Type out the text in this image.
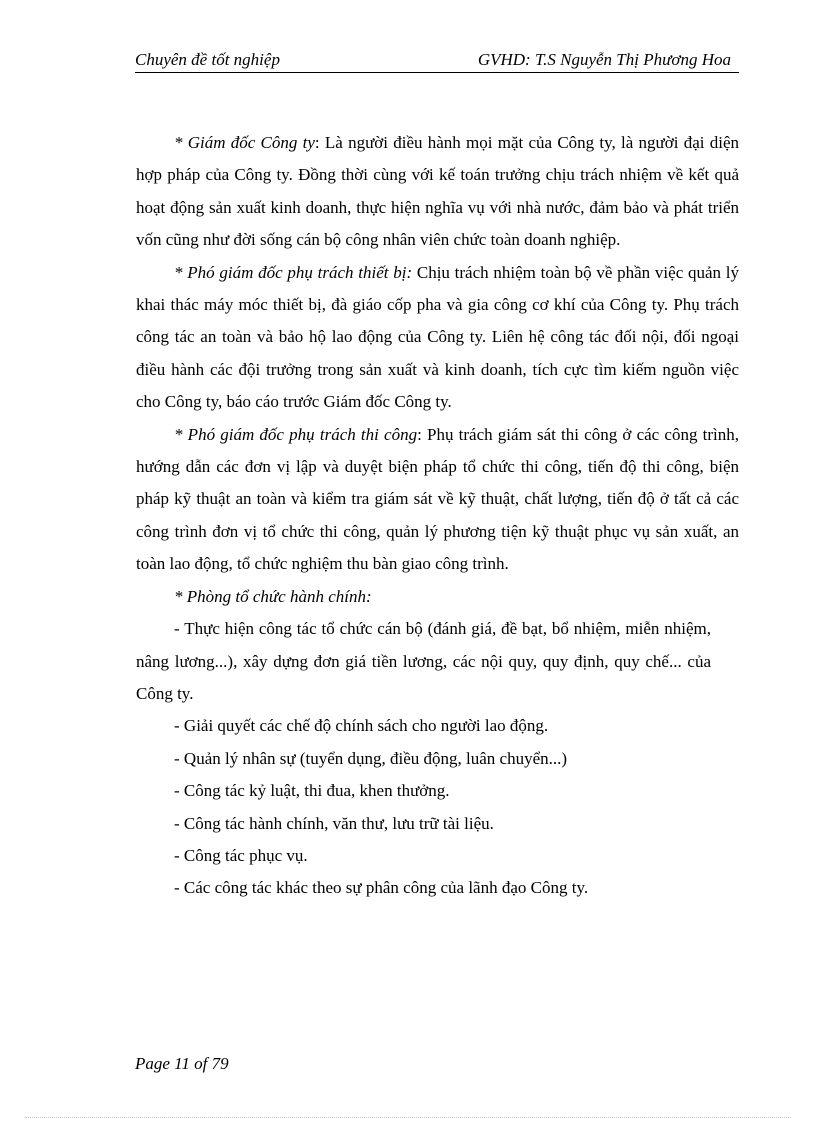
Chuyên đề tốt nghiệp	GVHD: T.S Nguyễn Thị Phương Hoa

* Giám đốc Công ty: Là người điều hành mọi mặt của Công ty, là người đại diện hợp pháp của Công ty. Đồng thời cùng với kế toán trưởng chịu trách nhiệm về kết quả hoạt động sản xuất kinh doanh, thực hiện nghĩa vụ với nhà nước, đảm bảo và phát triển vốn cũng như đời sống cán bộ công nhân viên chức toàn doanh nghiệp.

* Phó giám đốc phụ trách thiết bị: Chịu trách nhiệm toàn bộ về phần việc quản lý khai thác máy móc thiết bị, đà giáo cốp pha và gia công cơ khí của Công ty. Phụ trách công tác an toàn và bảo hộ lao động của Công ty. Liên hệ công tác đối nội, đối ngoại điều hành các đội trưởng trong sản xuất và kinh doanh, tích cực tìm kiếm nguồn việc cho Công ty, báo cáo trước Giám đốc Công ty.

* Phó giám đốc phụ trách thi công: Phụ trách giám sát thi công ở các công trình, hướng dẫn các đơn vị lập và duyệt biện pháp tổ chức thi công, tiến độ thi công, biện pháp kỹ thuật an toàn và kiểm tra giám sát về kỹ thuật, chất lượng, tiến độ ở tất cả các công trình đơn vị tổ chức thi công, quản lý phương tiện kỹ thuật phục vụ sản xuất, an toàn lao động, tổ chức nghiệm thu bàn giao công trình.

* Phòng tổ chức hành chính:

- Thực hiện công tác tổ chức cán bộ (đánh giá, đề bạt, bổ nhiệm, miễn nhiệm, nâng lương...), xây dựng đơn giá tiền lương, các nội quy, quy định, quy chế... của Công ty.

- Giải quyết các chế độ chính sách cho người lao động.

- Quản lý nhân sự (tuyển dụng, điều động, luân chuyển...)

- Công tác kỷ luật, thi đua, khen thưởng.

- Công tác hành chính, văn thư, lưu trữ tài liệu.

- Công tác phục vụ.

- Các công tác khác theo sự phân công của lãnh đạo Công ty.

Page 11 of 79
